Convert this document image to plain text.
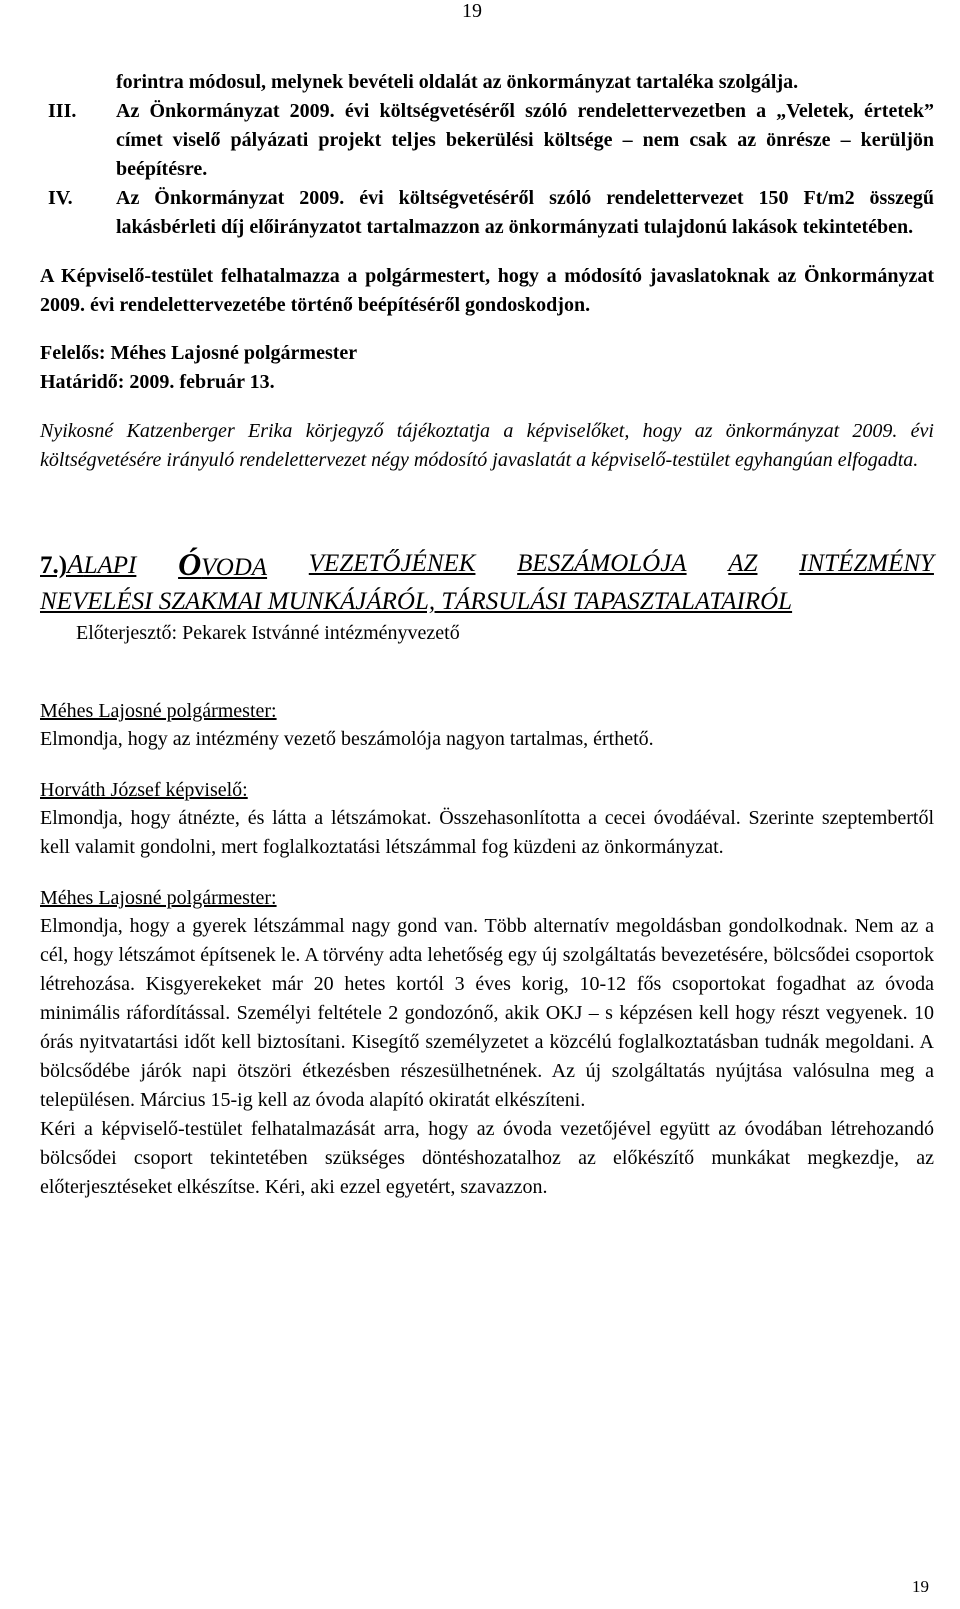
19
forintra módosul, melynek bevételi oldalát az önkormányzat tartaléka szolgálja.
III.	Az Önkormányzat 2009. évi költségvetéséről szóló rendelettervezetben a „Veletek, értetek” címet viselő pályázati projekt teljes bekerülési költsége – nem csak az önrésze – kerüljön beépítésre.
IV.	Az Önkormányzat 2009. évi költségvetéséről szóló rendelettervezet 150 Ft/m2 összegű lakásbérleti díj előirányzatot tartalmazzon az önkormányzati tulajdonú lakások tekintetében.

A Képviselő-testület felhatalmazza a polgármestert, hogy a módosító javaslatoknak az Önkormányzat 2009. évi rendelettervezetébe történő beépítéséről gondoskodjon.

Felelős: Méhes Lajosné polgármester

Határidő: 2009. február 13.

Nyikosné Katzenberger Erika körjegyző tájékoztatja a képviselőket, hogy az önkormányzat 2009. évi költségvetésére irányuló rendelettervezet négy módosító javaslatát a képviselő-testület egyhangúan elfogadta.

7.)ALAPI ÓVODA VEZETŐJÉNEK BESZÁMOLÓJA AZ INTÉZMÉNY
NEVELÉSI SZAKMAI MUNKÁJÁRÓL, TÁRSULÁSI TAPASZTALATAIRÓL
Előterjesztő: Pekarek Istvánné intézményvezető
Méhes Lajosné polgármester:
Elmondja, hogy az intézmény vezető beszámolója nagyon tartalmas, érthető.
Horváth József képviselő:
Elmondja, hogy átnézte, és látta a létszámokat. Összehasonlította a cecei óvodáéval. Szerinte szeptembertől kell valamit gondolni, mert foglalkoztatási létszámmal fog küzdeni az önkormányzat.
Méhes Lajosné polgármester:
Elmondja, hogy a gyerek létszámmal nagy gond van. Több alternatív megoldásban gondolkodnak. Nem az a cél, hogy létszámot építsenek le. A törvény adta lehetőség egy új szolgáltatás bevezetésére, bölcsődei csoportok létrehozása. Kisgyerekeket már 20 hetes kortól 3 éves korig, 10-12 fős csoportokat fogadhat az óvoda minimális ráfordítással. Személyi feltétele 2 gondozónő, akik OKJ – s képzésen kell hogy részt vegyenek. 10 órás nyitvatartási időt kell biztosítani. Kisegítő személyzetet a közcélú foglalkoztatásban tudnák megoldani. A bölcsődébe járók napi ötszöri étkezésben részesülhetnének. Az új szolgáltatás nyújtása valósulna meg a településen. Március 15-ig kell az óvoda alapító okiratát elkészíteni.
Kéri a képviselő-testület felhatalmazását arra, hogy az óvoda vezetőjével együtt az óvodában létrehozandó bölcsődei csoport tekintetében szükséges döntéshozatalhoz az előkészítő munkákat megkezdje, az előterjesztéseket elkészítse. Kéri, aki ezzel egyetért, szavazzon.
19
